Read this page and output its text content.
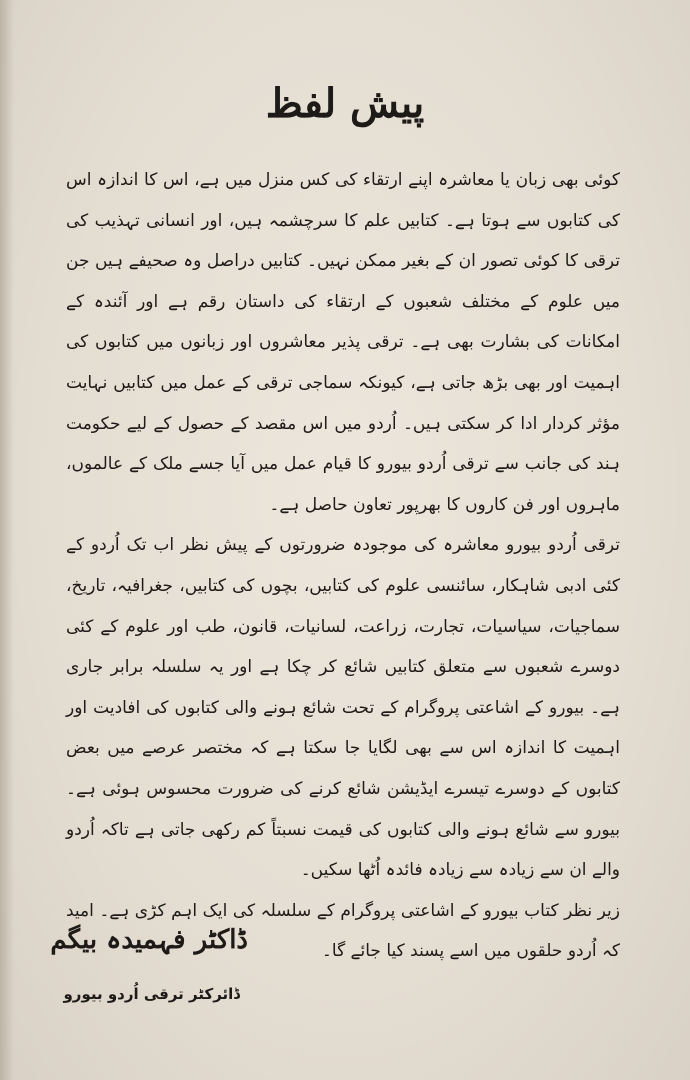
پیش لفظ

کوئی بھی زبان یا معاشرہ اپنے ارتقاء کی کس منزل میں ہے، اس کا اندازہ اس کی کتابوں سے ہوتا ہے۔ کتابیں علم کا سرچشمہ ہیں، اور انسانی تہذیب کی ترقی کا کوئی تصور ان کے بغیر ممکن نہیں۔ کتابیں دراصل وہ صحیفے ہیں جن میں علوم کے مختلف شعبوں کے ارتقاء کی داستان رقم ہے اور آئندہ کے امکانات کی بشارت بھی ہے۔ ترقی پذیر معاشروں اور زبانوں میں کتابوں کی اہمیت اور بھی بڑھ جاتی ہے، کیونکہ سماجی ترقی کے عمل میں کتابیں نہایت مؤثر کردار ادا کر سکتی ہیں۔ اُردو میں اس مقصد کے حصول کے لیے حکومت ہند کی جانب سے ترقی اُردو بیورو کا قیام عمل میں آیا جسے ملک کے عالموں، ماہروں اور فن کاروں کا بھرپور تعاون حاصل ہے۔

ترقی اُردو بیورو معاشرہ کی موجودہ ضرورتوں کے پیش نظر اب تک اُردو کے کئی ادبی شاہکار، سائنسی علوم کی کتابیں، بچوں کی کتابیں، جغرافیہ، تاریخ، سماجیات، سیاسیات، تجارت، زراعت، لسانیات، قانون، طب اور علوم کے کئی دوسرے شعبوں سے متعلق کتابیں شائع کر چکا ہے اور یہ سلسلہ برابر جاری ہے۔ بیورو کے اشاعتی پروگرام کے تحت شائع ہونے والی کتابوں کی افادیت اور اہمیت کا اندازہ اس سے بھی لگایا جا سکتا ہے کہ مختصر عرصے میں بعض کتابوں کے دوسرے تیسرے ایڈیشن شائع کرنے کی ضرورت محسوس ہوئی ہے۔ بیورو سے شائع ہونے والی کتابوں کی قیمت نسبتاً کم رکھی جاتی ہے تاکہ اُردو والے ان سے زیادہ سے زیادہ فائدہ اُٹھا سکیں۔

زیر نظر کتاب بیورو کے اشاعتی پروگرام کے سلسلہ کی ایک اہم کڑی ہے۔ امید کہ اُردو حلقوں میں اسے پسند کیا جائے گا۔

ڈاکٹر فہمیدہ بیگم
ڈائرکٹر ترقی اُردو بیورو
